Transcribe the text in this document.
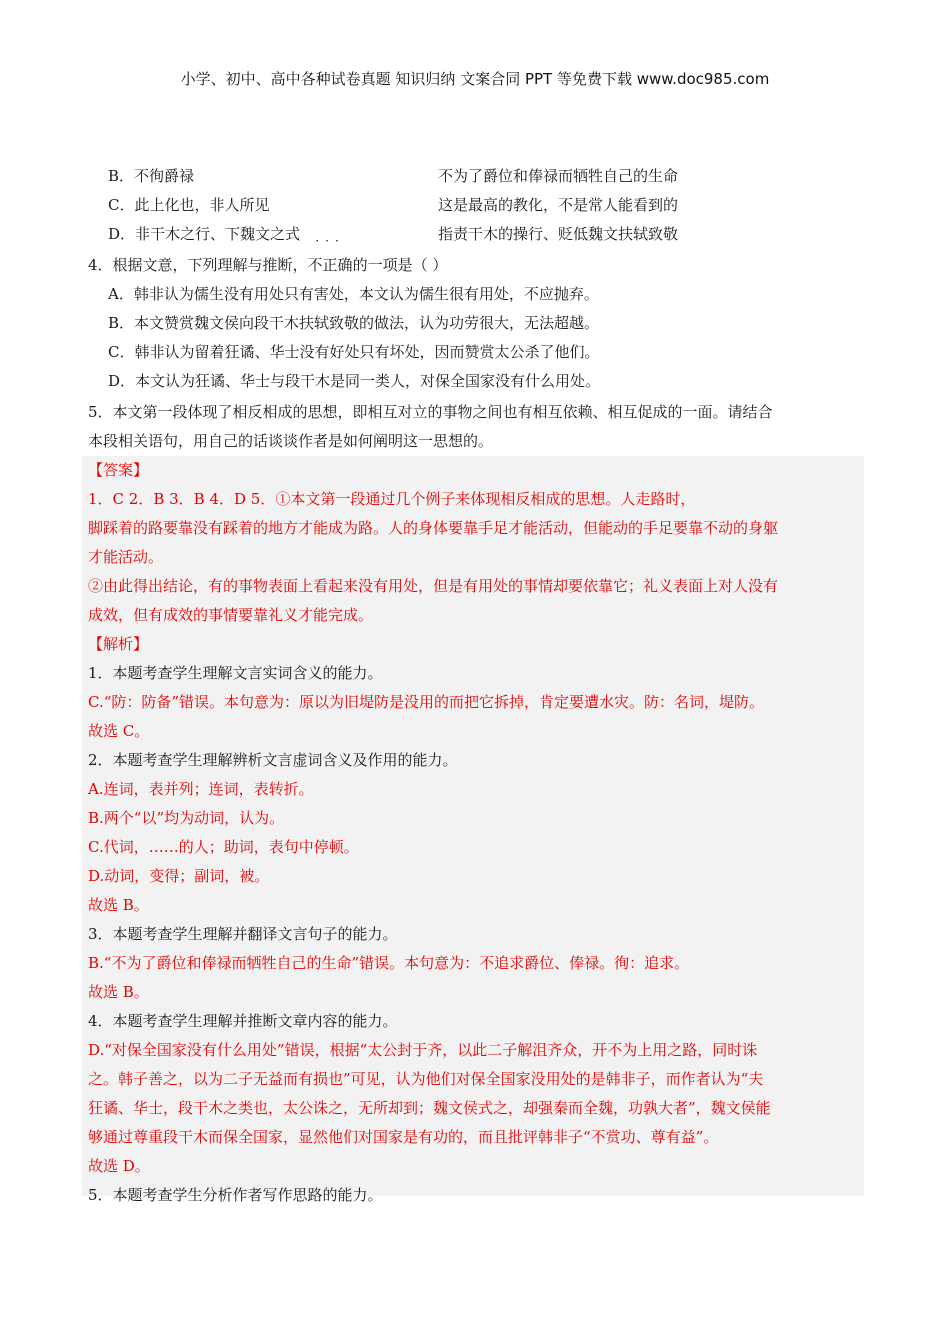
小学、初中、高中各种试卷真题 知识归纳 文案合同 PPT 等免费下载 www.doc985.com
B．不徇爵禄	不为了爵位和俸禄而牺牲自己的生命
C．此上化也，非人所见	这是最高的教化，不是常人能看到的
D．非干木之行、下魏文之式	指责干木的操行、贬低魏文扶轼致敬
4．根据文意，下列理解与推断，
···
不正确的一项是（ ）
A．韩非认为儒生没有用处只有害处，本文认为儒生很有用处，不应抛弃。
B．本文赞赏魏文侯向段干木扶轼致敬的做法，认为功劳很大，无法超越。
C．韩非认为留着狂谲、华士没有好处只有坏处，因而赞赏太公杀了他们。
D．本文认为狂谲、华士与段干木是同一类人，对保全国家没有什么用处。
5．本文第一段体现了相反相成的思想，即相互对立的事物之间也有相互依赖、相互促成的一面。请结合
本段相关语句，用自己的话谈谈作者是如何阐明这一思想的。
【答案】
1．C 2．B 3．B 4．D 5．①本文第一段通过几个例子来体现相反相成的思想。人走路时，
脚踩着的路要靠没有踩着的地方才能成为路。人的身体要靠手足才能活动，但能动的手足要靠不动的身躯
才能活动。
②由此得出结论，有的事物表面上看起来没有用处，但是有用处的事情却要依靠它；礼义表面上对人没有
成效，但有成效的事情要靠礼义才能完成。
【解析】
1．本题考查学生理解文言实词含义的能力。
C.“防：防备”错误。本句意为：原以为旧堤防是没用的而把它拆掉，肯定要遭水灾。防：名词，堤防。
故选 C。
2．本题考查学生理解辨析文言虚词含义及作用的能力。
A.连词，表并列；连词，表转折。
B.两个“以”均为动词，认为。
C.代词，……的人；助词，表句中停顿。
D.动词，变得；副词，被。
故选 B。
3．本题考查学生理解并翻译文言句子的能力。
B.“不为了爵位和俸禄而牺牲自己的生命”错误。本句意为：不追求爵位、俸禄。徇：追求。
故选 B。
4．本题考查学生理解并推断文章内容的能力。
D.“对保全国家没有什么用处”错误，根据“太公封于齐，以此二子解沮齐众，开不为上用之路，同时诛
之。韩子善之，以为二子无益而有损也”可见，认为他们对保全国家没用处的是韩非子，而作者认为“夫
狂谲、华士，段干木之类也，太公诛之，无所却到；魏文侯式之，却强秦而全魏，功孰大者”，魏文侯能
够通过尊重段干木而保全国家，显然他们对国家是有功的，而且批评韩非子“不赏功、尊有益”。
故选 D。
5．本题考查学生分析作者写作思路的能力。
